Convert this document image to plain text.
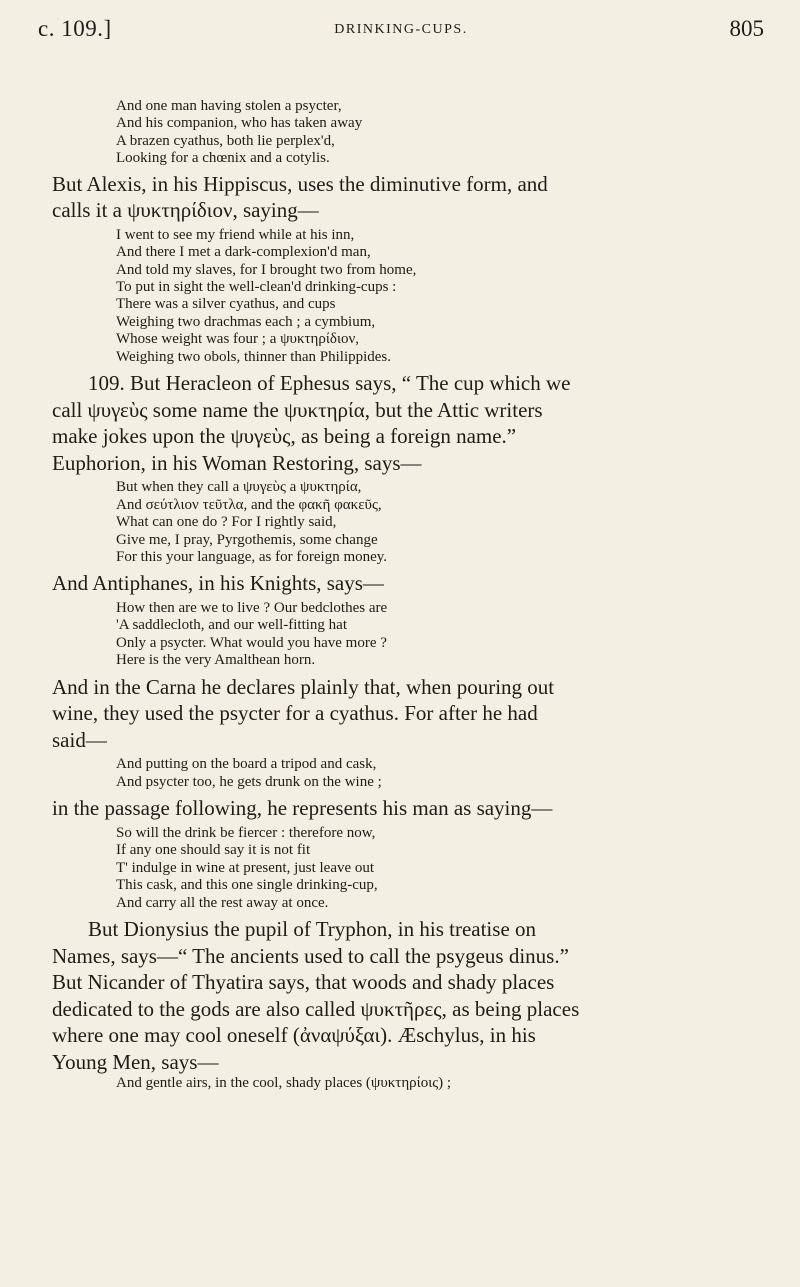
c. 109.]	DRINKING-CUPS.	805
And one man having stolen a psycter,
And his companion, who has taken away
A brazen cyathus, both lie perplex'd,
Looking for a chœnix and a cotylis.
But Alexis, in his Hippiscus, uses the diminutive form, and
calls it a ψυκτηρίδιον, saying—
I went to see my friend while at his inn,
And there I met a dark-complexion'd man,
And told my slaves, for I brought two from home,
To put in sight the well-clean'd drinking-cups :
There was a silver cyathus, and cups
Weighing two drachmas each ; a cymbium,
Whose weight was four ; a ψυκτηρίδιον,
Weighing two obols, thinner than Philippides.
109. But Heracleon of Ephesus says, “ The cup which we
call ψυγεὺς some name the ψυκτηρία, but the Attic writers
make jokes upon the ψυγεὺς, as being a foreign name.”
Euphorion, in his Woman Restoring, says—
But when they call a ψυγεὺς a ψυκτηρία,
And σεύτλιον τεῦτλα, and the φακῆ φακεῦς,
What can one do ? For I rightly said,
Give me, I pray, Pyrgothemis, some change
For this your language, as for foreign money.
And Antiphanes, in his Knights, says—
How then are we to live ? Our bedclothes are
'A saddlecloth, and our well-fitting hat
Only a psycter. What would you have more ?
Here is the very Amalthean horn.
And in the Carna he declares plainly that, when pouring out
wine, they used the psycter for a cyathus. For after he had
said—
And putting on the board a tripod and cask,
And psycter too, he gets drunk on the wine ;
in the passage following, he represents his man as saying—
So will the drink be fiercer : therefore now,
If any one should say it is not fit
T' indulge in wine at present, just leave out
This cask, and this one single drinking-cup,
And carry all the rest away at once.
But Dionysius the pupil of Tryphon, in his treatise on
Names, says—“ The ancients used to call the psygeus dinus.”
But Nicander of Thyatira says, that woods and shady places
dedicated to the gods are also called ψυκτῆρες, as being places
where one may cool oneself (ἀναψύξαι). Æschylus, in his
Young Men, says—
And gentle airs, in the cool, shady places (ψυκτηρίοις) ;
